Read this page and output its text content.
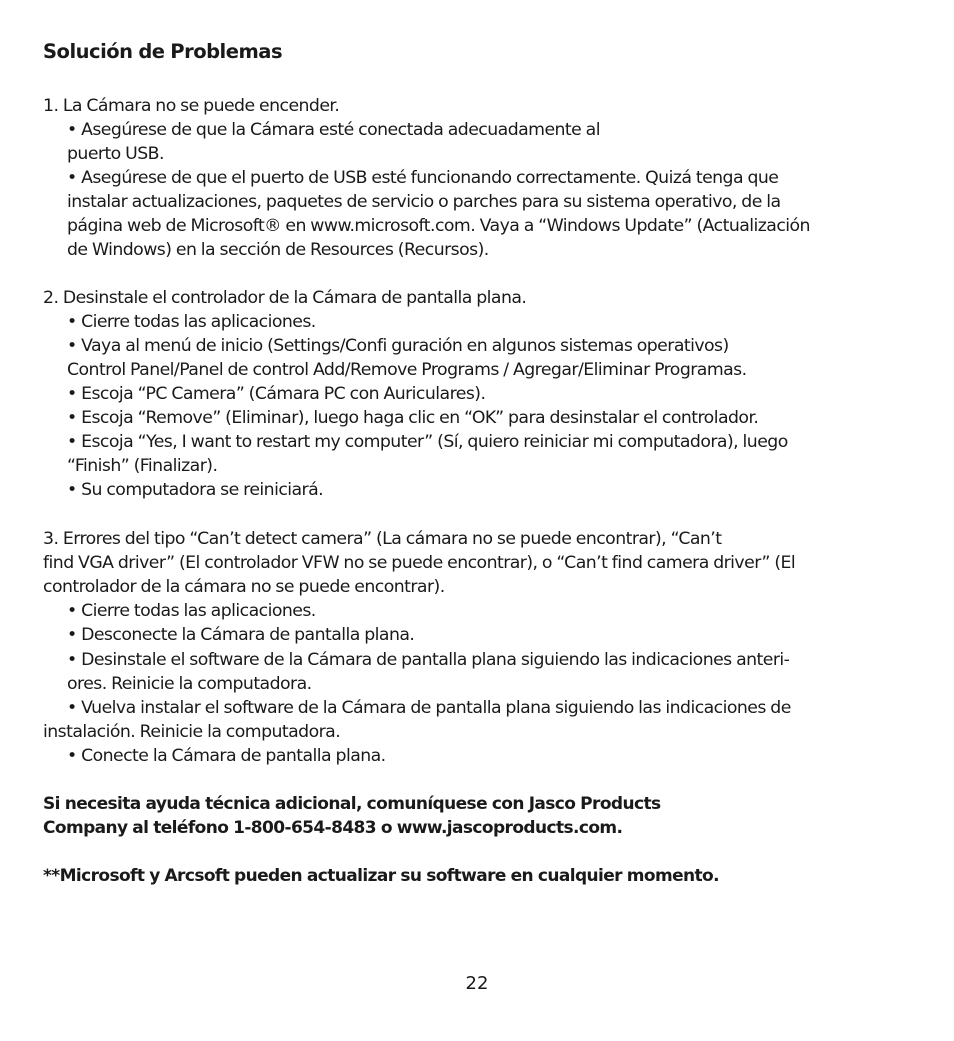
Solución de Problemas
1. La Cámara no se puede encender.
• Asegúrese de que la Cámara esté conectada adecuadamente al
puerto USB.
• Asegúrese de que el puerto de USB esté funcionando correctamente. Quizá tenga que
instalar actualizaciones, paquetes de servicio o parches para su sistema operativo, de la
página web de Microsoft® en www.microsoft.com. Vaya a “Windows Update” (Actualización
de Windows) en la sección de Resources (Recursos).
2. Desinstale el controlador de la Cámara de pantalla plana.
• Cierre todas las aplicaciones.
• Vaya al menú de inicio (Settings/Confi guración en algunos sistemas operativos)
Control Panel/Panel de control Add/Remove Programs / Agregar/Eliminar Programas.
• Escoja “PC Camera” (Cámara PC con Auriculares).
• Escoja “Remove” (Eliminar), luego haga clic en “OK” para desinstalar el controlador.
• Escoja “Yes, I want to restart my computer” (Sí, quiero reiniciar mi computadora), luego
“Finish” (Finalizar).
• Su computadora se reiniciará.
3. Errores del tipo “Can’t detect camera” (La cámara no se puede encontrar), “Can’t
find VGA driver” (El controlador VFW no se puede encontrar), o “Can’t find camera driver” (El
controlador de la cámara no se puede encontrar).
• Cierre todas las aplicaciones.
• Desconecte la Cámara de pantalla plana.
• Desinstale el software de la Cámara de pantalla plana siguiendo las indicaciones anteri-
ores. Reinicie la computadora.
• Vuelva instalar el software de la Cámara de pantalla plana siguiendo las indicaciones de
instalación. Reinicie la computadora.
• Conecte la Cámara de pantalla plana.
Si necesita ayuda técnica adicional, comuníquese con Jasco Products
Company al teléfono 1-800-654-8483 o www.jascoproducts.com.
**Microsoft y Arcsoft pueden actualizar su software en cualquier momento.
22
